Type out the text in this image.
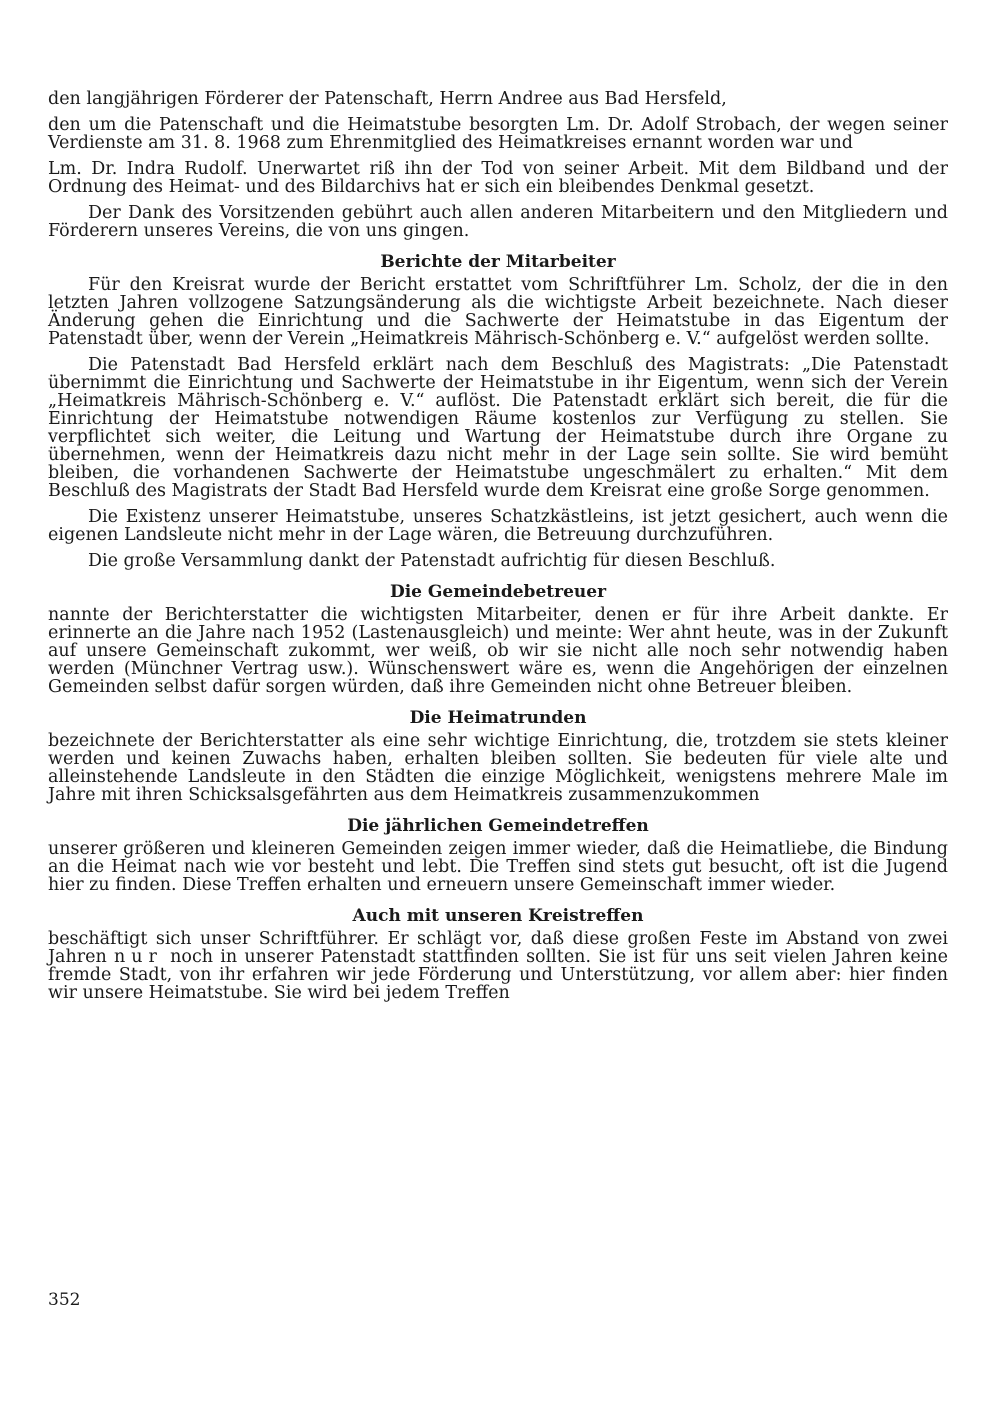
den langjährigen Förderer der Patenschaft, Herrn Andree aus Bad Hersfeld,

den um die Patenschaft und die Heimatstube besorgten Lm. Dr. Adolf Strobach, der wegen seiner Verdienste am 31. 8. 1968 zum Ehrenmitglied des Heimatkreises ernannt worden war und

Lm. Dr. Indra Rudolf. Unerwartet riß ihn der Tod von seiner Arbeit. Mit dem Bildband und der Ordnung des Heimat- und des Bildarchivs hat er sich ein bleibendes Denkmal gesetzt.

Der Dank des Vorsitzenden gebührt auch allen anderen Mitarbeitern und den Mitgliedern und Förderern unseres Vereins, die von uns gingen.

Berichte der Mitarbeiter

Für den Kreisrat wurde der Bericht erstattet vom Schriftführer Lm. Scholz, der die in den letzten Jahren vollzogene Satzungsänderung als die wichtigste Arbeit bezeichnete. Nach dieser Änderung gehen die Einrichtung und die Sachwerte der Heimatstube in das Eigentum der Patenstadt über, wenn der Verein „Heimatkreis Mährisch-Schönberg e. V.“ aufgelöst werden sollte.

Die Patenstadt Bad Hersfeld erklärt nach dem Beschluß des Magistrats: „Die Patenstadt übernimmt die Einrichtung und Sachwerte der Heimatstube in ihr Eigentum, wenn sich der Verein „Heimatkreis Mährisch-Schönberg e. V.“ auflöst. Die Patenstadt erklärt sich bereit, die für die Einrichtung der Heimatstube notwendigen Räume kostenlos zur Verfügung zu stellen. Sie verpflichtet sich weiter, die Leitung und Wartung der Heimatstube durch ihre Organe zu übernehmen, wenn der Heimatkreis dazu nicht mehr in der Lage sein sollte. Sie wird bemüht bleiben, die vorhandenen Sachwerte der Heimatstube ungeschmälert zu erhalten.“ Mit dem Beschluß des Magistrats der Stadt Bad Hersfeld wurde dem Kreisrat eine große Sorge genommen.

Die Existenz unserer Heimatstube, unseres Schatzkästleins, ist jetzt gesichert, auch wenn die eigenen Landsleute nicht mehr in der Lage wären, die Betreuung durchzuführen.

Die große Versammlung dankt der Patenstadt aufrichtig für diesen Beschluß.

Die Gemeindebetreuer

nannte der Berichterstatter die wichtigsten Mitarbeiter, denen er für ihre Arbeit dankte. Er erinnerte an die Jahre nach 1952 (Lastenausgleich) und meinte: Wer ahnt heute, was in der Zukunft auf unsere Gemeinschaft zukommt, wer weiß, ob wir sie nicht alle noch sehr notwendig haben werden (Münchner Vertrag usw.). Wünschenswert wäre es, wenn die Angehörigen der einzelnen Gemeinden selbst dafür sorgen würden, daß ihre Gemeinden nicht ohne Betreuer bleiben.

Die Heimatrunden

bezeichnete der Berichterstatter als eine sehr wichtige Einrichtung, die, trotzdem sie stets kleiner werden und keinen Zuwachs haben, erhalten bleiben sollten. Sie bedeuten für viele alte und alleinstehende Landsleute in den Städten die einzige Möglichkeit, wenigstens mehrere Male im Jahre mit ihren Schicksalsgefährten aus dem Heimatkreis zusammenzukommen

Die jährlichen Gemeindetreffen

unserer größeren und kleineren Gemeinden zeigen immer wieder, daß die Heimatliebe, die Bindung an die Heimat nach wie vor besteht und lebt. Die Treffen sind stets gut besucht, oft ist die Jugend hier zu finden. Diese Treffen erhalten und erneuern unsere Gemeinschaft immer wieder.

Auch mit unseren Kreistreffen

beschäftigt sich unser Schriftführer. Er schlägt vor, daß diese großen Feste im Abstand von zwei Jahren nur noch in unserer Patenstadt stattfinden sollten. Sie ist für uns seit vielen Jahren keine fremde Stadt, von ihr erfahren wir jede Förderung und Unterstützung, vor allem aber: hier finden wir unsere Heimatstube. Sie wird bei jedem Treffen

352
